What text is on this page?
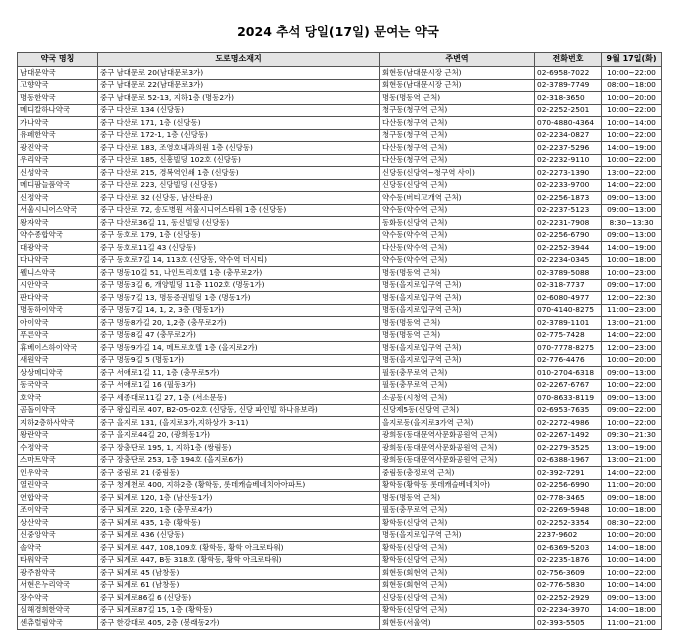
2024 추석 당일(17일) 문여는 약국
약국 명칭	도로명소재지	주변역	전화번호	9월 17일(화)
남대문약국	중구 남대문로 20(남대문로3가)	회현동(남대문시장 근처)	02-6958-7022	10:00~22:00
고향약국	중구 남대문로 22(남대문로3가)	회현동(남대문시장 근처)	02-3789-7749	08:00~18:00
명동한약국	중구 남대문로 52-13, 지하1층 (명동2가)	명동(명동역 근처)	02-318-3650	10:00~20:00
메디칼하나약국	중구 다산로 134 (신당동)	청구동(청구역 근처)	02-2252-2501	10:00~22:00
가나약국	중구 다산로 171, 1층 (신당동)	다산동(청구역 근처)	070-4880-4364	10:00~14:00
유페한약국	중구 다산로 172-1, 1층 (신당동)	청구동(청구역 근처)	02-2234-0827	10:00~22:00
광진약국	중구 다산로 183, 조영호내과의원 1층 (신당동)	다산동(청구역 근처)	02-2237-5296	14:00~19:00
우리약국	중구 다산로 185, 신흥빌딩 102호 (신당동)	다산동(청구역 근처)	02-2232-9110	10:00~22:00
신성약국	중구 다산로 215, 경복역인쇄 1층 (신당동)	신당동(신당역~청구역 사이)	02-2273-1390	13:00~22:00
메디팜늘품약국	중구 다산로 223, 신당빌딩 (신당동)	신당동(신당역 근처)	02-2233-9700	14:00~22:00
신정약국	중구 다산로 32 (신당동, 남산타운)	약수동(버티고개역 근처)	02-2256-1873	09:00~13:00
서울시니어스약국	중구 다산로 72, 송도병원 서울시니어스타워 1층 (신당동)	약수동(약수역 근처)	02-2237-5123	09:00~13:00
왕자약국	중구 다산로36길 11, 동신빌딩 (신당동)	동화동(신당역 근처)	02-2231-7908	8:30~13:30
약수종합약국	중구 동호로 179, 1층 (신당동)	약수동(약수역 근처)	02-2256-6790	09:00~13:00
대광약국	중구 동호로11길 43 (신당동)	다산동(약수역 근처)	02-2252-3944	14:00~19:00
다나약국	중구 동호로7길 14, 113호 (신당동, 약수역 더시티)	약수동(약수역 근처)	02-2234-0345	10:00~18:00
웰니스약국	중구 명동10길 51, 나인트리호텔 1층 (충무로2가)	명동(명동역 근처)	02-3789-5088	10:00~23:00
시안약국	중구 명동3길 6, 개양빌딩 11층 1102호 (명동1가)	명동(을지로입구역 근처)	02-318-7737	09:00~17:00
판다약국	중구 명동7길 13, 명동증권빌딩 1층 (명동1가)	명동(을지로입구역 근처)	02-6080-4977	12:00~22:30
명동하이약국	중구 명동7길 14, 1, 2, 3층 (명동1가)	명동(을지로입구역 근처)	070-4140-8275	11:00~23:00
아이약국	중구 명동8가길 20, 1,2층 (충무로2가)	명동(명동역 근처)	02-3789-1101	13:00~21:00
푸른약국	중구 명동8길 47 (충무로2가)	명동(명동역 근처)	02-775-7428	14:00~22:00
휴베이스하이약국	중구 명동9가길 14, 메트로호텔 1층 (을지로2가)	명동(을지로입구역 근처)	070-7778-8275	12:00~23:00
새원약국	중구 명동9길 5 (명동1가)	명동(을지로입구역 근처)	02-776-4476	10:00~20:00
상상메디약국	중구 서애로1길 11, 1층 (충무로5가)	필동(충무로역 근처)	010-2704-6318	09:00~13:00
동국약국	중구 서애로1길 16 (필동3가)	필동(충무로역 근처)	02-2267-6767	10:00~22:00
호약국	중구 세종대로11길 27, 1층 (서소문동)	소공동(시청역 근처)	070-8633-8119	09:00~13:00
곰돌이약국	중구 왕십리로 407, B2-05-02호 (신당동, 신당 파인빌 하나유보라)	신당제5동(신당역 근처)	02-6953-7635	09:00~22:00
지하2층하사약국	중구 을지로 131, (을지로3가,지하상가 3-11)	을지로동(을지로3가역 근처)	02-2272-4986	10:00~22:00
왕란약국	중구 을지로44길 20, (광희동1가)	광희동(동대문역사문화공원역 근처)	02-2267-1492	09:30~21:30
수정약국	중구 장충단로 195, 1, 지하1층 (쌍림동)	광희동(동대문역사문화공원역 근처)	02-2279-3525	13:00~19:00
스마트약국	중구 장충단로 253, 1층 194호 (을지로6가)	광희동(동대문역사문화공원역 근처)	02-6388-1967	13:00~21:00
인우약국	중구 중림로 21 (중림동)	중림동(충정로역 근처)	02-392-7291	14:00~22:00
열린약국	중구 청계천로 400, 지하2층 (황학동, 롯데캐슬베네치아아파트)	황학동(황학동 롯데캐슬베네치아)	02-2256-6990	11:00~20:00
연합약국	중구 퇴계로 120, 1층 (남산동1가)	명동(명동역 근처)	02-778-3465	09:00~18:00
조이약국	중구 퇴계로 220, 1층 (충무로4가)	필동(충무로역 근처)	02-2269-5948	10:00~18:00
상산약국	중구 퇴계로 435, 1층 (황학동)	황학동(신당역 근처)	02-2252-3354	08:30~22:00
신중앙약국	중구 퇴계로 436 (신당동)	명동(을지로입구역 근처)	2237-9602	10:00~20:00
솔약국	중구 퇴계로 447, 108,109호 (황학동, 황학 아크로타워)	황학동(신당역 근처)	02-6369-5203	14:00~18:00
타워약국	중구 퇴계로 447, B동 318호 (황학동, 황학 아크로타워)	황학동(신당역 근처)	02-2235-1876	10:00~14:00
광주참약국	중구 퇴계로 45 (남창동)	회현동(회현역 근처)	02-756-3609	10:00~22:00
서현은누리약국	중구 퇴계로 61 (남창동)	회현동(회현역 근처)	02-776-5830	10:00~14:00
장수약국	중구 퇴계로86길 6 (신당동)	신당동(신당역 근처)	02-2252-2929	09:00~13:00
심해경희한약국	중구 퇴계로87길 15, 1층 (황학동)	황학동(신당역 근처)	02-2234-3970	14:00~18:00
센츄럴림약국	중구 한강대로 405, 2층 (봉래동2가)	회현동(서울역)	02-393-5505	11:00~21:00
